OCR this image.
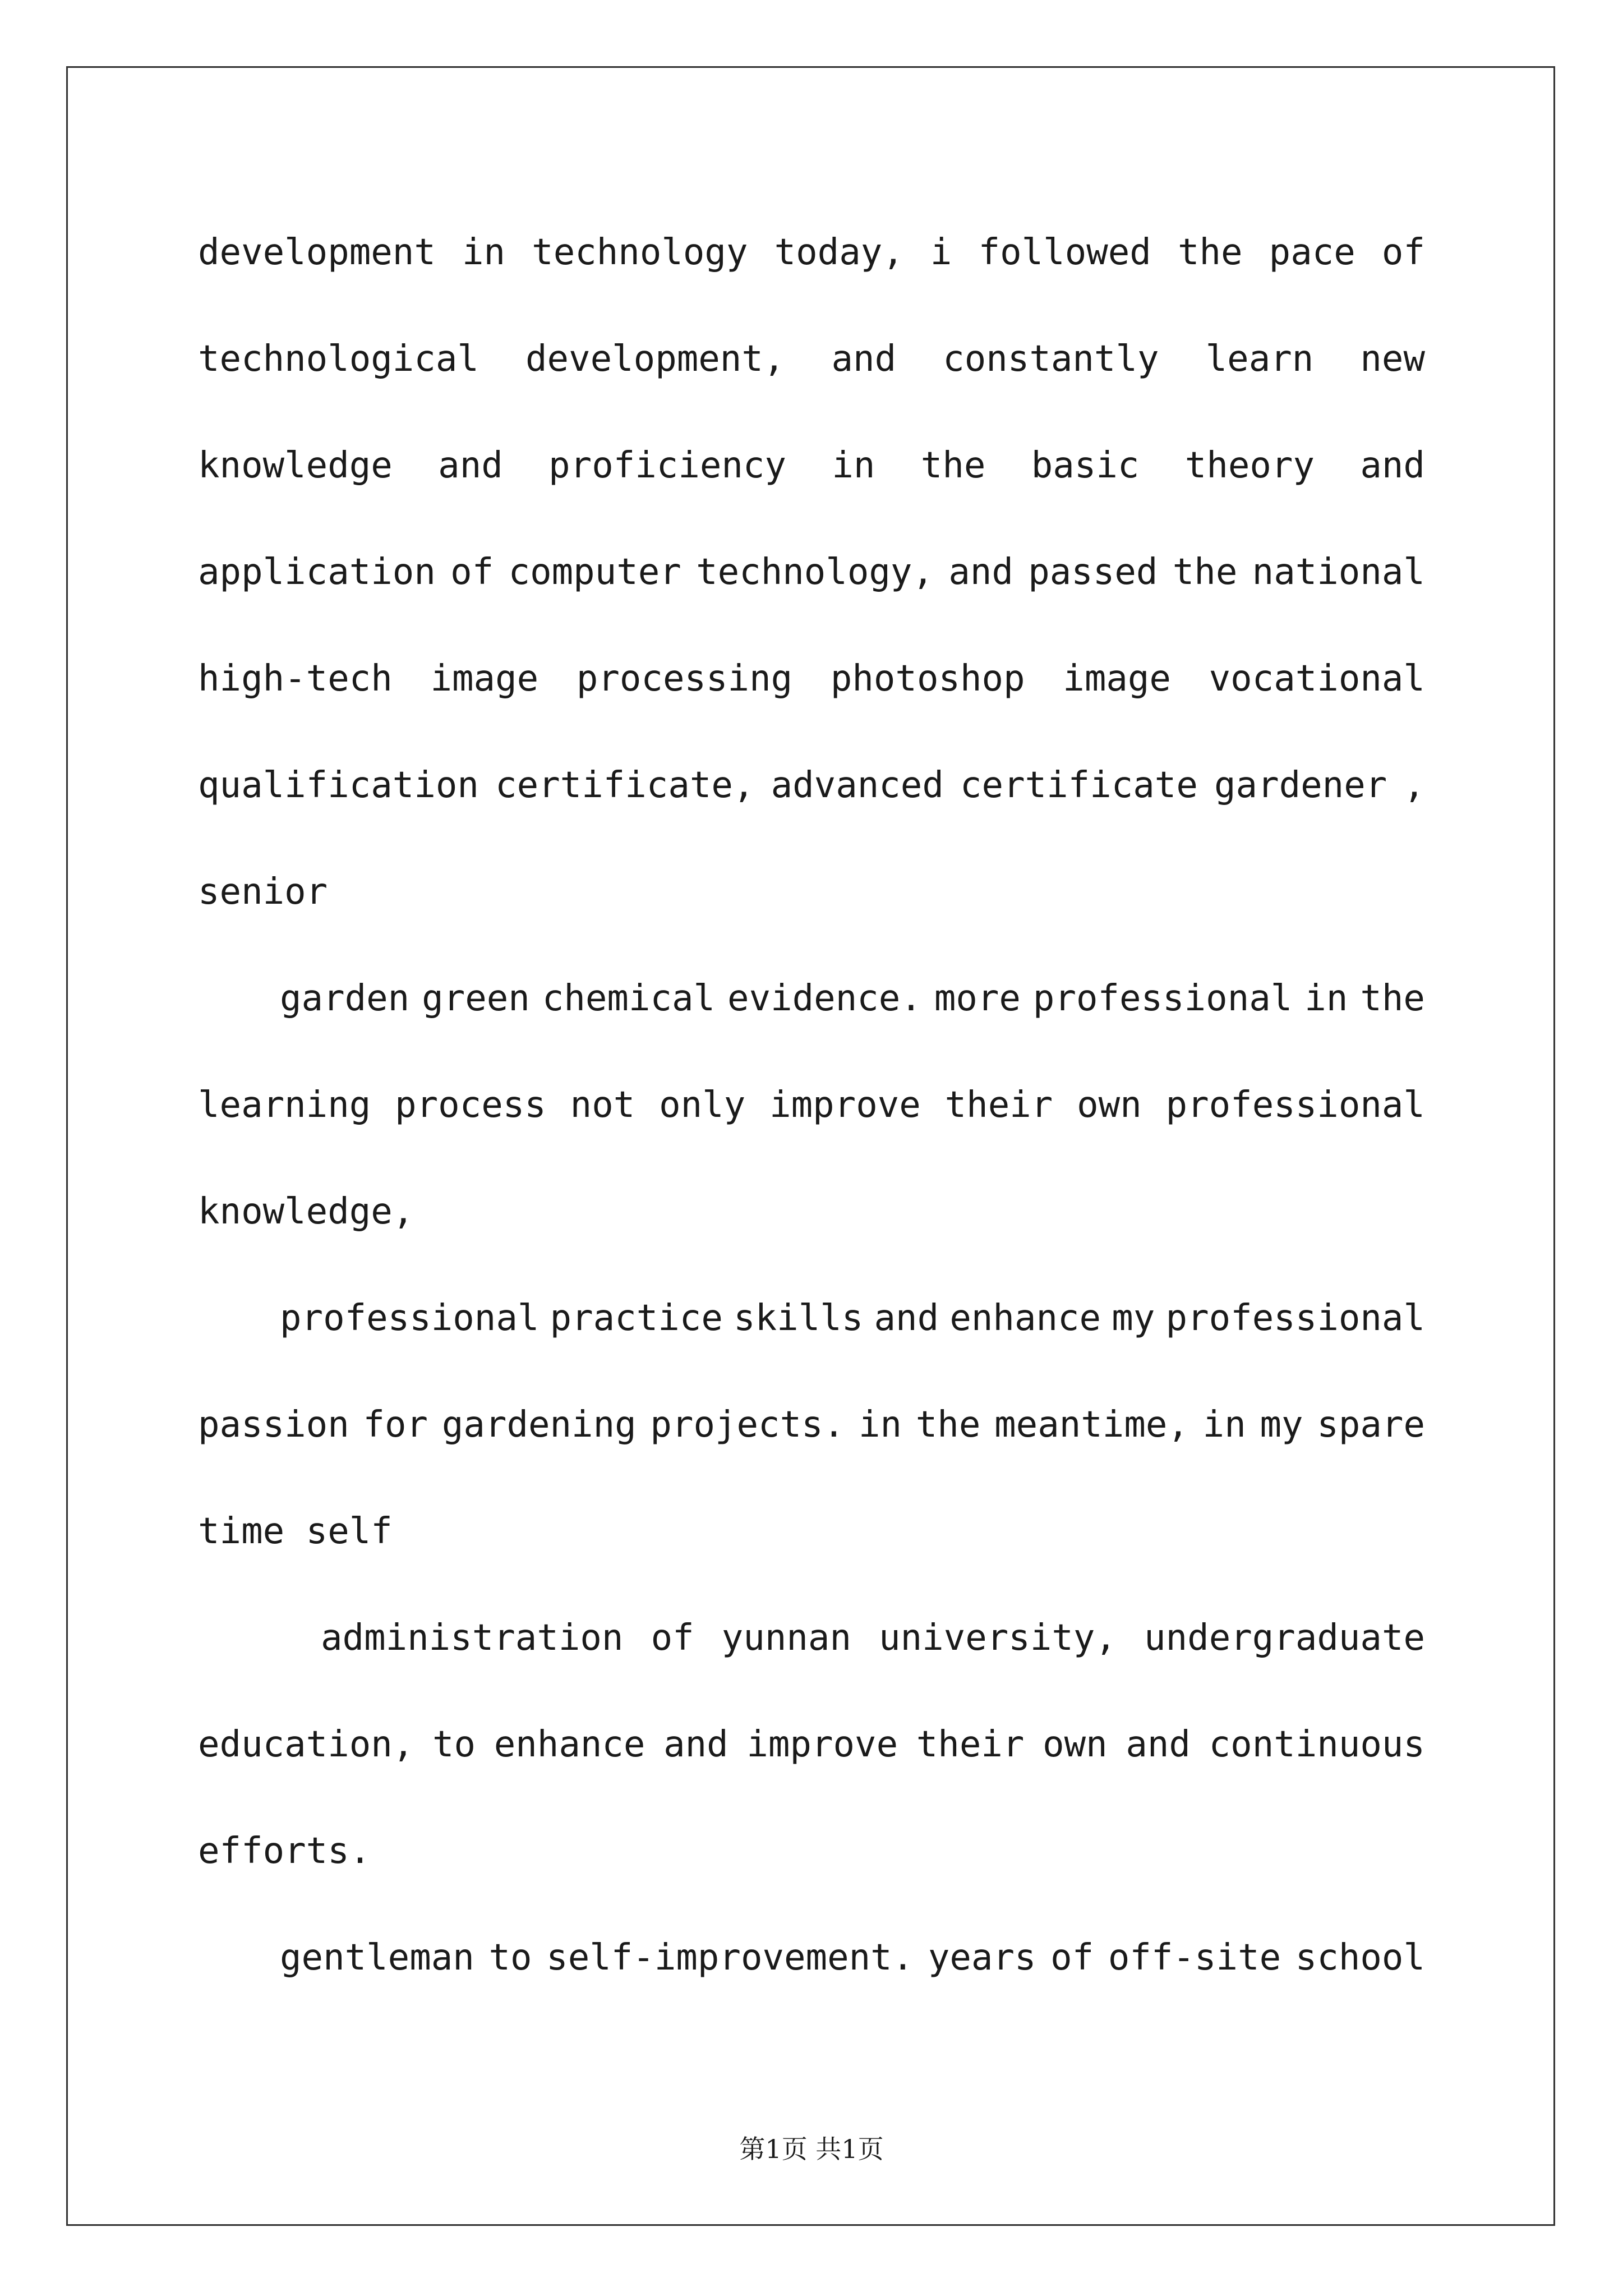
development in technology today, i followed the pace of
technological development, and constantly learn new
knowledge and proficiency in the basic theory and
application of computer technology, and passed the national
high-tech image processing photoshop image vocational
qualification certificate, advanced certificate gardener ,
senior
garden green chemical evidence. more professional in the
learning process not only improve their own professional
knowledge,
professional practice skills and enhance my professional
passion for gardening projects. in the meantime, in my spare
time self
administration of yunnan university, undergraduate
education, to enhance and improve their own and continuous
efforts.
gentleman to self-improvement. years of off-site school
第1页 共1页
